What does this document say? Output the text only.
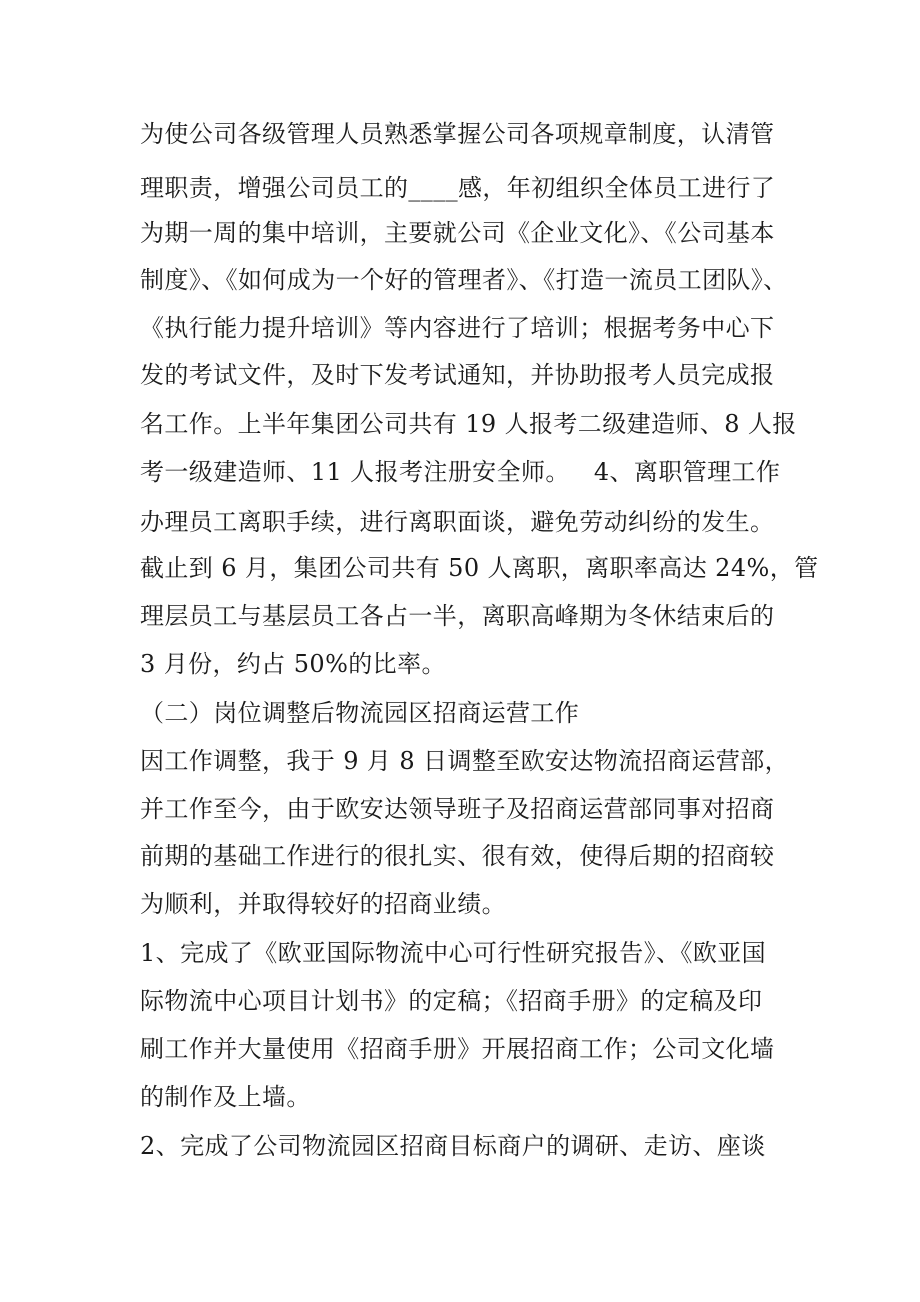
为使公司各级管理人员熟悉掌握公司各项规章制度，认清管
理职责，增强公司员工的____感，年初组织全体员工进行了
为期一周的集中培训，主要就公司《企业文化》、《公司基本
制度》、《如何成为一个好的管理者》、《打造一流员工团队》、
《执行能力提升培训》等内容进行了培训；根据考务中心下
发的考试文件，及时下发考试通知，并协助报考人员完成报
名工作。上半年集团公司共有 19 人报考二级建造师、8 人报
考一级建造师、11 人报考注册安全师。   4、离职管理工作
办理员工离职手续，进行离职面谈，避免劳动纠纷的发生。
截止到 6 月，集团公司共有 50 人离职，离职率高达 24%，管
理层员工与基层员工各占一半，离职高峰期为冬休结束后的
3 月份，约占 50%的比率。
（二）岗位调整后物流园区招商运营工作
因工作调整，我于 9 月 8 日调整至欧安达物流招商运营部，
并工作至今，由于欧安达领导班子及招商运营部同事对招商
前期的基础工作进行的很扎实、很有效，使得后期的招商较
为顺利，并取得较好的招商业绩。
1、完成了《欧亚国际物流中心可行性研究报告》、《欧亚国
际物流中心项目计划书》的定稿；《招商手册》的定稿及印
刷工作并大量使用《招商手册》开展招商工作；公司文化墙
的制作及上墙。
2、完成了公司物流园区招商目标商户的调研、走访、座谈
